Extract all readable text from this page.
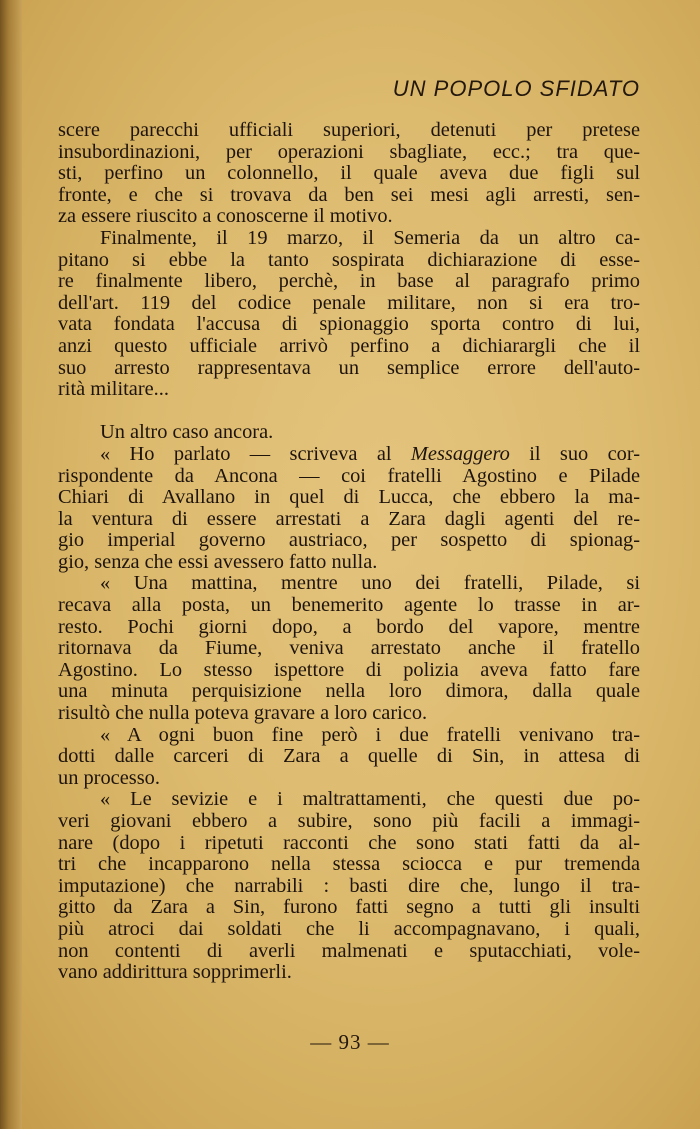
UN POPOLO SFIDATO
scere parecchi ufficiali superiori, detenuti per pretese
insubordinazioni, per operazioni sbagliate, ecc.; tra que-
sti, perfino un colonnello, il quale aveva due figli sul
fronte, e che si trovava da ben sei mesi agli arresti, sen-
za essere riuscito a conoscerne il motivo.
Finalmente, il 19 marzo, il Semeria da un altro ca-
pitano si ebbe la tanto sospirata dichiarazione di esse-
re finalmente libero, perchè, in base al paragrafo primo
dell'art. 119 del codice penale militare, non si era tro-
vata fondata l'accusa di spionaggio sporta contro di lui,
anzi questo ufficiale arrivò perfino a dichiarargli che il
suo arresto rappresentava un semplice errore dell'auto-
rità militare...
Un altro caso ancora.
« Ho parlato — scriveva al Messaggero il suo cor-
rispondente da Ancona — coi fratelli Agostino e Pilade
Chiari di Avallano in quel di Lucca, che ebbero la ma-
la ventura di essere arrestati a Zara dagli agenti del re-
gio imperial governo austriaco, per sospetto di spionag-
gio, senza che essi avessero fatto nulla.
« Una mattina, mentre uno dei fratelli, Pilade, si
recava alla posta, un benemerito agente lo trasse in ar-
resto. Pochi giorni dopo, a bordo del vapore, mentre
ritornava da Fiume, veniva arrestato anche il fratello
Agostino. Lo stesso ispettore di polizia aveva fatto fare
una minuta perquisizione nella loro dimora, dalla quale
risultò che nulla poteva gravare a loro carico.
« A ogni buon fine però i due fratelli venivano tra-
dotti dalle carceri di Zara a quelle di Sin, in attesa di
un processo.
« Le sevizie e i maltrattamenti, che questi due po-
veri giovani ebbero a subire, sono più facili a immagi-
nare (dopo i ripetuti racconti che sono stati fatti da al-
tri che incapparono nella stessa sciocca e pur tremenda
imputazione) che narrabili : basti dire che, lungo il tra-
gitto da Zara a Sin, furono fatti segno a tutti gli insulti
più atroci dai soldati che li accompagnavano, i quali,
non contenti di averli malmenati e sputacchiati, vole-
vano addirittura sopprimerli.
— 93 —
